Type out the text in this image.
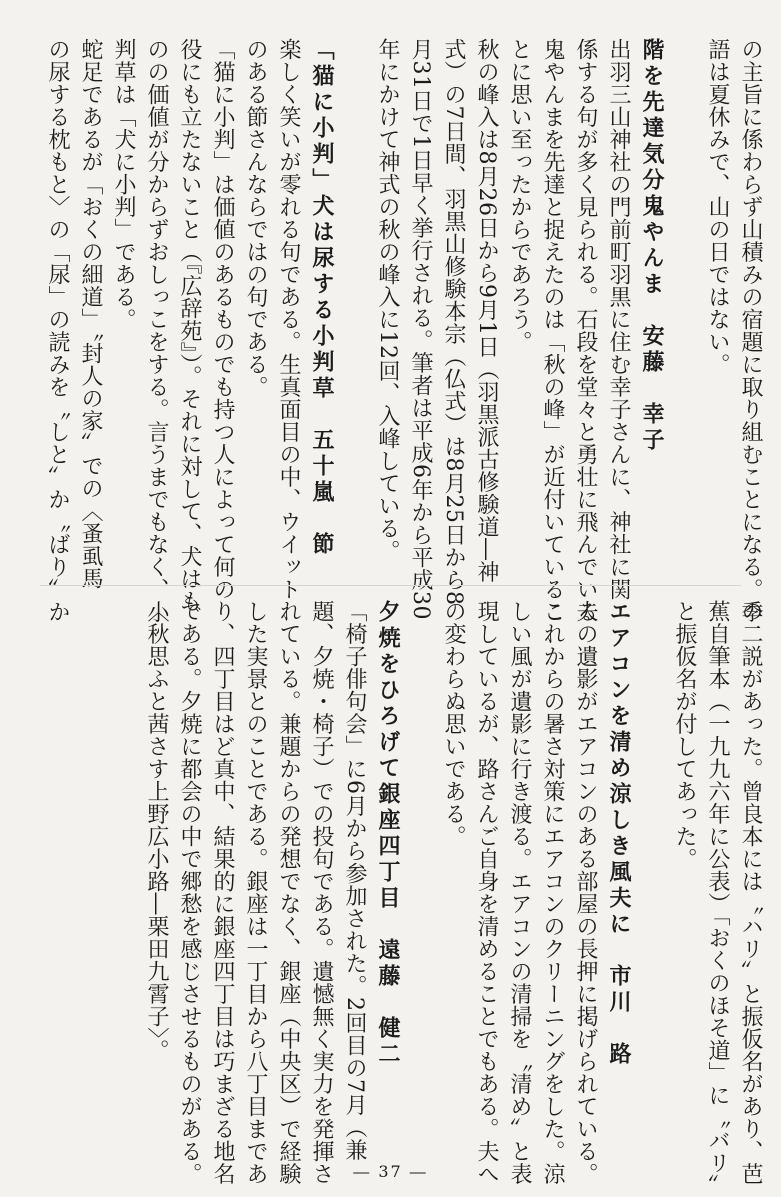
の主旨に係わらず山積みの宿題に取り組むことになる。季

語は夏休みで、山の日ではない。

階を先達気分鬼やんま　安藤　幸子

出羽三山神社の門前町羽黒に住む幸子さんに、神社に関

係する句が多く見られる。石段を堂々と勇壮に飛んでいる

鬼やんまを先達と捉えたのは「秋の峰」が近付いているこ

とに思い至ったからであろう。

秋の峰入は8月26日から9月1日（羽黒派古修験道―神

式）の7日間、羽黒山修験本宗（仏式）は8月25日から8

月31日で1日早く挙行される。筆者は平成6年から平成30

年にかけて神式の秋の峰入に12回、入峰している。

「猫に小判」犬は尿する小判草　五十嵐　節

楽しく笑いが零れる句である。生真面目の中、ウイット

のある節さんならではの句である。

「猫に小判」は価値のあるものでも持つ人によって何の

役にも立たないこと（『広辞苑』）。それに対して、犬はも

のの価値が分からずおしっこをする。言うまでもなく、小

判草は「犬に小判」である。

蛇足であるが「おくの細道」〝封人の家〟での〈蚤虱馬

の尿する枕もと〉の「尿」の読みを〝しと〟か〝ばり〟か

の二説があった。曾良本には〝ハリ〟と振仮名があり、芭

蕉自筆本（一九九六年に公表）「おくのほそ道」に〝バリ〟

と振仮名が付してあった。

エアコンを清め涼しき風夫に　市川　路

夫の遺影がエアコンのある部屋の長押に掲げられている。

これからの暑さ対策にエアコンのクリーニングをした。涼

しい風が遺影に行き渡る。エアコンの清掃を〝清め〟と表

現しているが、路さんご自身を清めることでもある。夫へ

の変わらぬ思いである。

夕焼をひろげて銀座四丁目　遠藤　健二

「椅子俳句会」に6月から参加された。2回目の7月（兼

題、夕焼・椅子）での投句である。遺憾無く実力を発揮さ

れている。兼題からの発想でなく、銀座（中央区）で経験

した実景とのことである。銀座は一丁目から八丁目まであ

り、四丁目はど真中、結果的に銀座四丁目は巧まざる地名

である。夕焼に都会の中で郷愁を感じさせるものがある。

〈秋思ふと茜さす上野広小路―栗田九霄子〉。

― 37 ―
